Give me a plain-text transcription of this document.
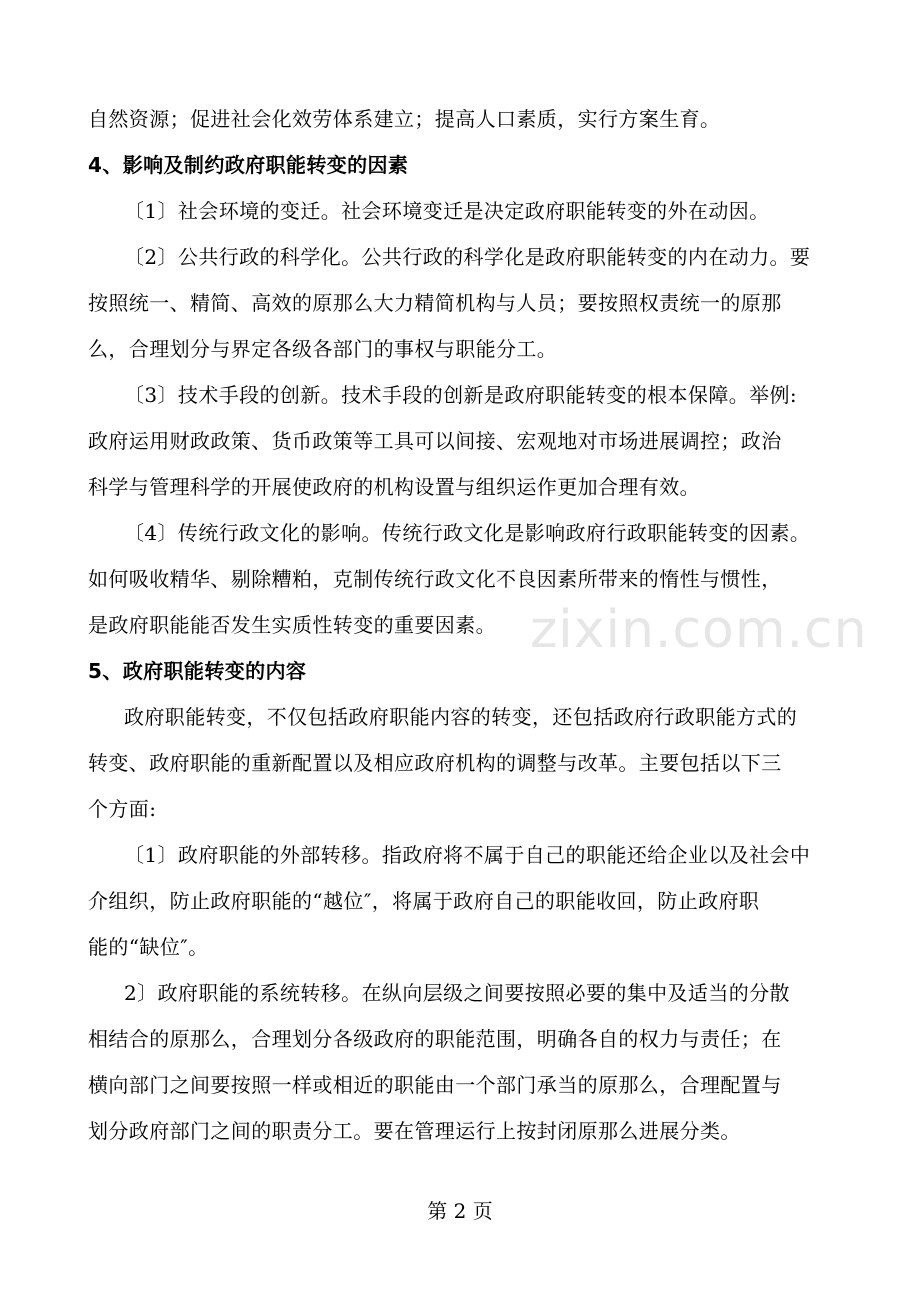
自然资源；促进社会化效劳体系建立；提高人口素质，实行方案生育。
4、影响及制约政府职能转变的因素
〔1〕社会环境的变迁。社会环境变迁是决定政府职能转变的外在动因。
〔2〕公共行政的科学化。公共行政的科学化是政府职能转变的内在动力。要
按照统一、精简、高效的原那么大力精简机构与人员；要按照权责统一的原那
么，合理划分与界定各级各部门的事权与职能分工。
〔3〕技术手段的创新。技术手段的创新是政府职能转变的根本保障。举例:
政府运用财政政策、货币政策等工具可以间接、宏观地对市场进展调控；政治
科学与管理科学的开展使政府的机构设置与组织运作更加合理有效。
〔4〕传统行政文化的影响。传统行政文化是影响政府行政职能转变的因素。
如何吸收精华、剔除糟粕，克制传统行政文化不良因素所带来的惰性与惯性，
是政府职能能否发生实质性转变的重要因素。
5、政府职能转变的内容
政府职能转变，不仅包括政府职能内容的转变，还包括政府行政职能方式的
转变、政府职能的重新配置以及相应政府机构的调整与改革。主要包括以下三
个方面:
〔1〕政府职能的外部转移。指政府将不属于自己的职能还给企业以及社会中
介组织，防止政府职能的“越位″，将属于政府自己的职能收回，防止政府职
能的“缺位″。
2〕政府职能的系统转移。在纵向层级之间要按照必要的集中及适当的分散
相结合的原那么，合理划分各级政府的职能范围，明确各自的权力与责任；在
横向部门之间要按照一样或相近的职能由一个部门承当的原那么，合理配置与
划分政府部门之间的职责分工。要在管理运行上按封闭原那么进展分类。
zixin.com.cn
第 2 页
